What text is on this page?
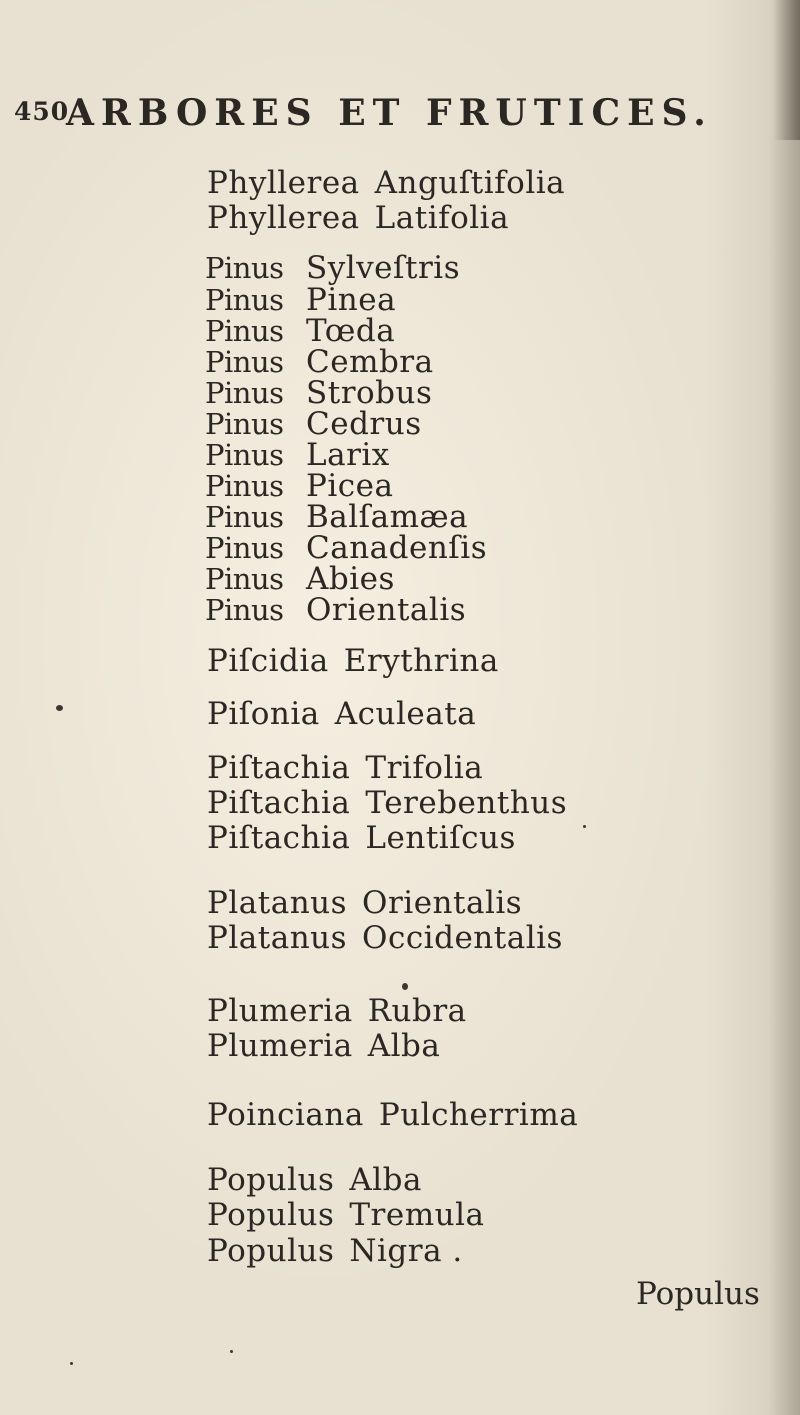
450
ARBORES ET FRUTICES.
Phyllerea Anguſtifolia
Phyllerea Latifolia
Pinus Sylveſtris
Pinus Pinea
Pinus Tœda
Pinus Cembra
Pinus Strobus
Pinus Cedrus
Pinus Larix
Pinus Picea
Pinus Balſamæa
Pinus Canadenſis
Pinus Abies
Pinus Orientalis
Piſcidia Erythrina
Piſonia Aculeata
Piſtachia Trifolia
Piſtachia Terebenthus
Piſtachia Lentiſcus
Platanus Orientalis
Platanus Occidentalis
Plumeria Rubra
Plumeria Alba
Poinciana Pulcherrima
Populus Alba
Populus Tremula
Populus Nigra .
Populus
